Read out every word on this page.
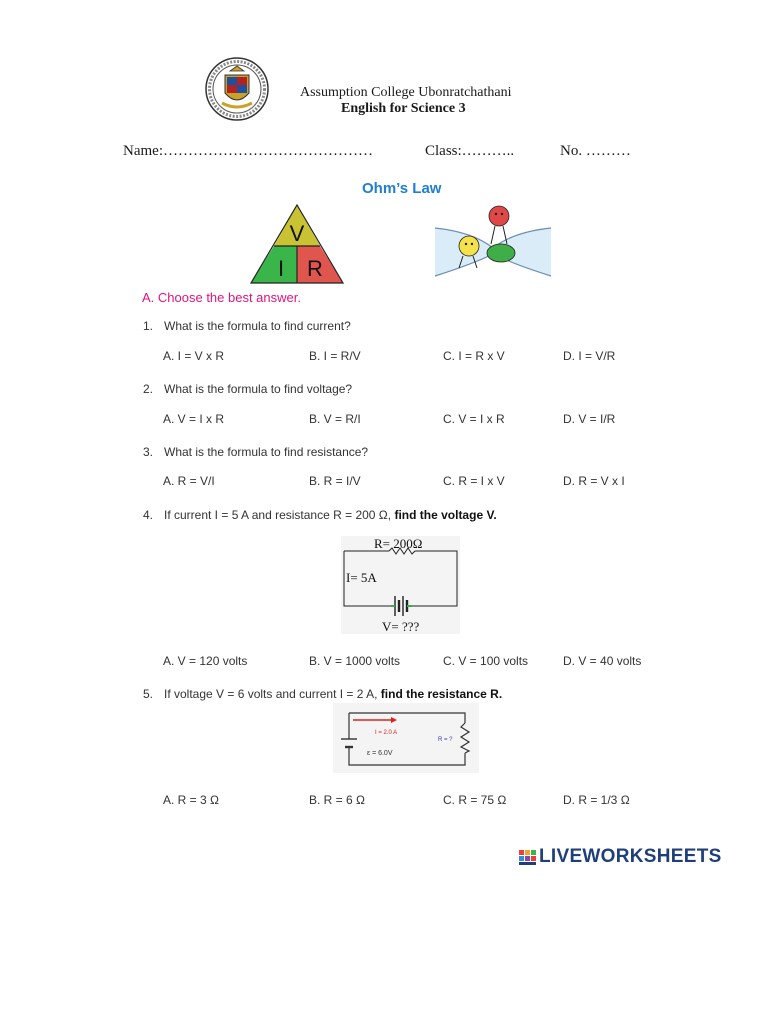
Assumption College Ubonratchathani
English for Science 3
Name:……………………………………	Class:………..	No. ………
Ohm’s Law
V
I R
A. Choose the best answer.
1. What is the formula to find current?
A. I = V x R	B. I = R/V	C. I = R x V	D. I = V/R
2. What is the formula to find voltage?
A. V = I x R	B. V = R/I	C. V = I x R	D. V = I/R
3. What is the formula to find resistance?
A. R = V/I	B. R = I/V	C. R = I x V	D. R = V x I
4. If current I = 5 A and resistance R = 200 Ω, find the voltage V.
R= 200Ω
I= 5A
V= ???
A. V = 120 volts	B. V = 1000 volts	C. V = 100 volts	D. V = 40 volts
5. If voltage V = 6 volts and current I = 2 A, find the resistance R.
I = 2.0 A
R = ?
ε = 6.0V
A. R = 3 Ω	B. R = 6 Ω	C. R = 75 Ω	D. R = 1/3 Ω
LIVEWORKSHEETS
